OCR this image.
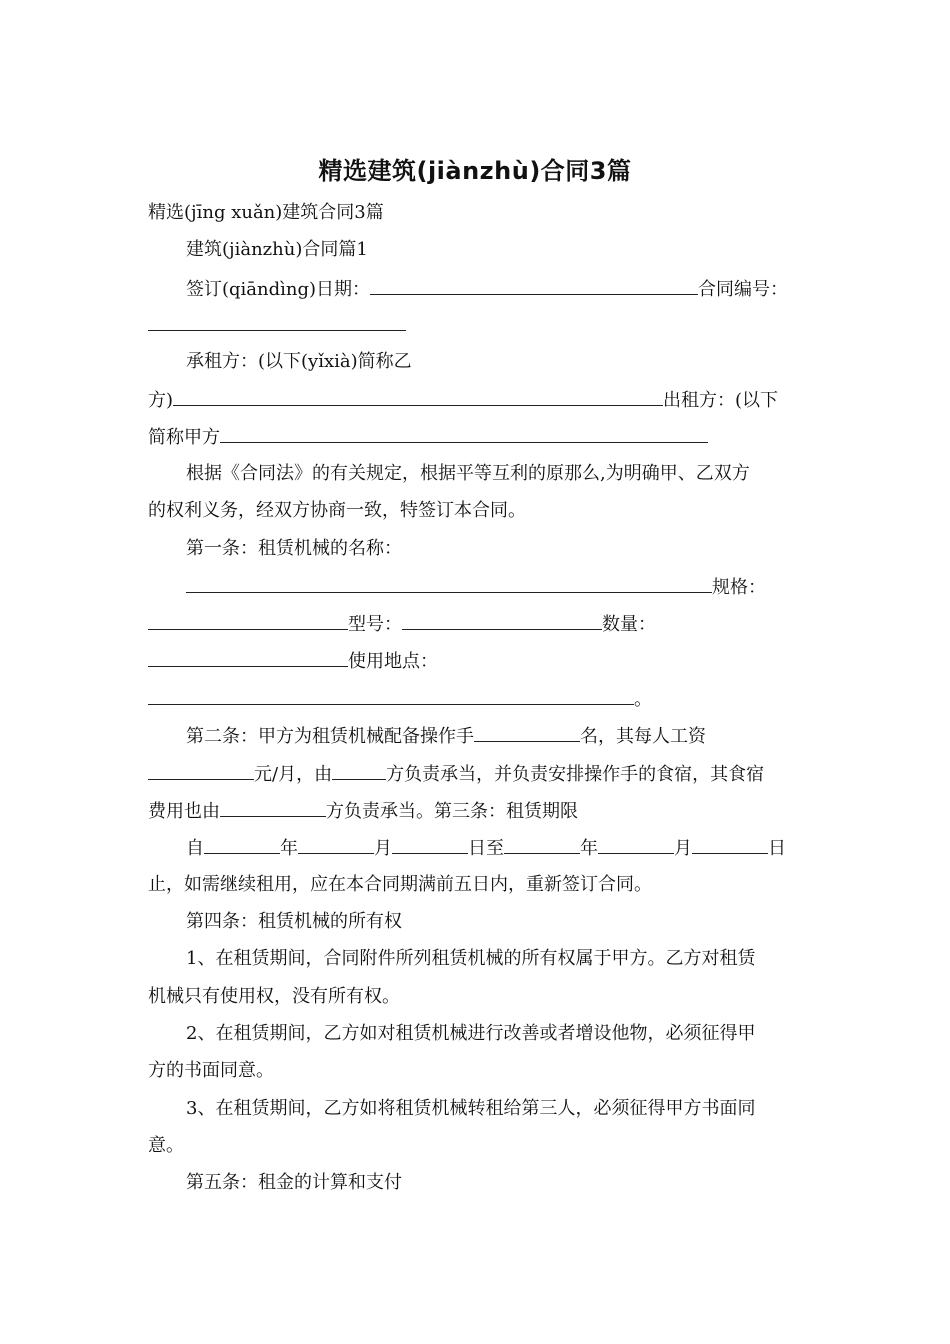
精选建筑(jiànzhù)合同3篇
精选(jīng xuǎn)建筑合同3篇
建筑(jiànzhù)合同篇1
签订(qiāndìng)日期：	合同编号：
承租方：(以下(yǐxià)简称乙
方)	出租方：(以下
简称甲方
根据《合同法》的有关规定，根据平等互利的原那么,为明确甲、乙双方
的权利义务，经双方协商一致，特签订本合同。
第一条：租赁机械的名称：
规格：
型号：	数量：
使用地点：
。
第二条：甲方为租赁机械配备操作手	名，其每人工资
元/月，由	方负责承当，并负责安排操作手的食宿，其食宿
费用也由	方负责承当。第三条：租赁期限
自	年	月	日至	年	月	日
止，如需继续租用，应在本合同期满前五日内，重新签订合同。
第四条：租赁机械的所有权
1、在租赁期间，合同附件所列租赁机械的所有权属于甲方。乙方对租赁
机械只有使用权，没有所有权。
2、在租赁期间，乙方如对租赁机械进行改善或者增设他物，必须征得甲
方的书面同意。
3、在租赁期间，乙方如将租赁机械转租给第三人，必须征得甲方书面同
意。
第五条：租金的计算和支付
